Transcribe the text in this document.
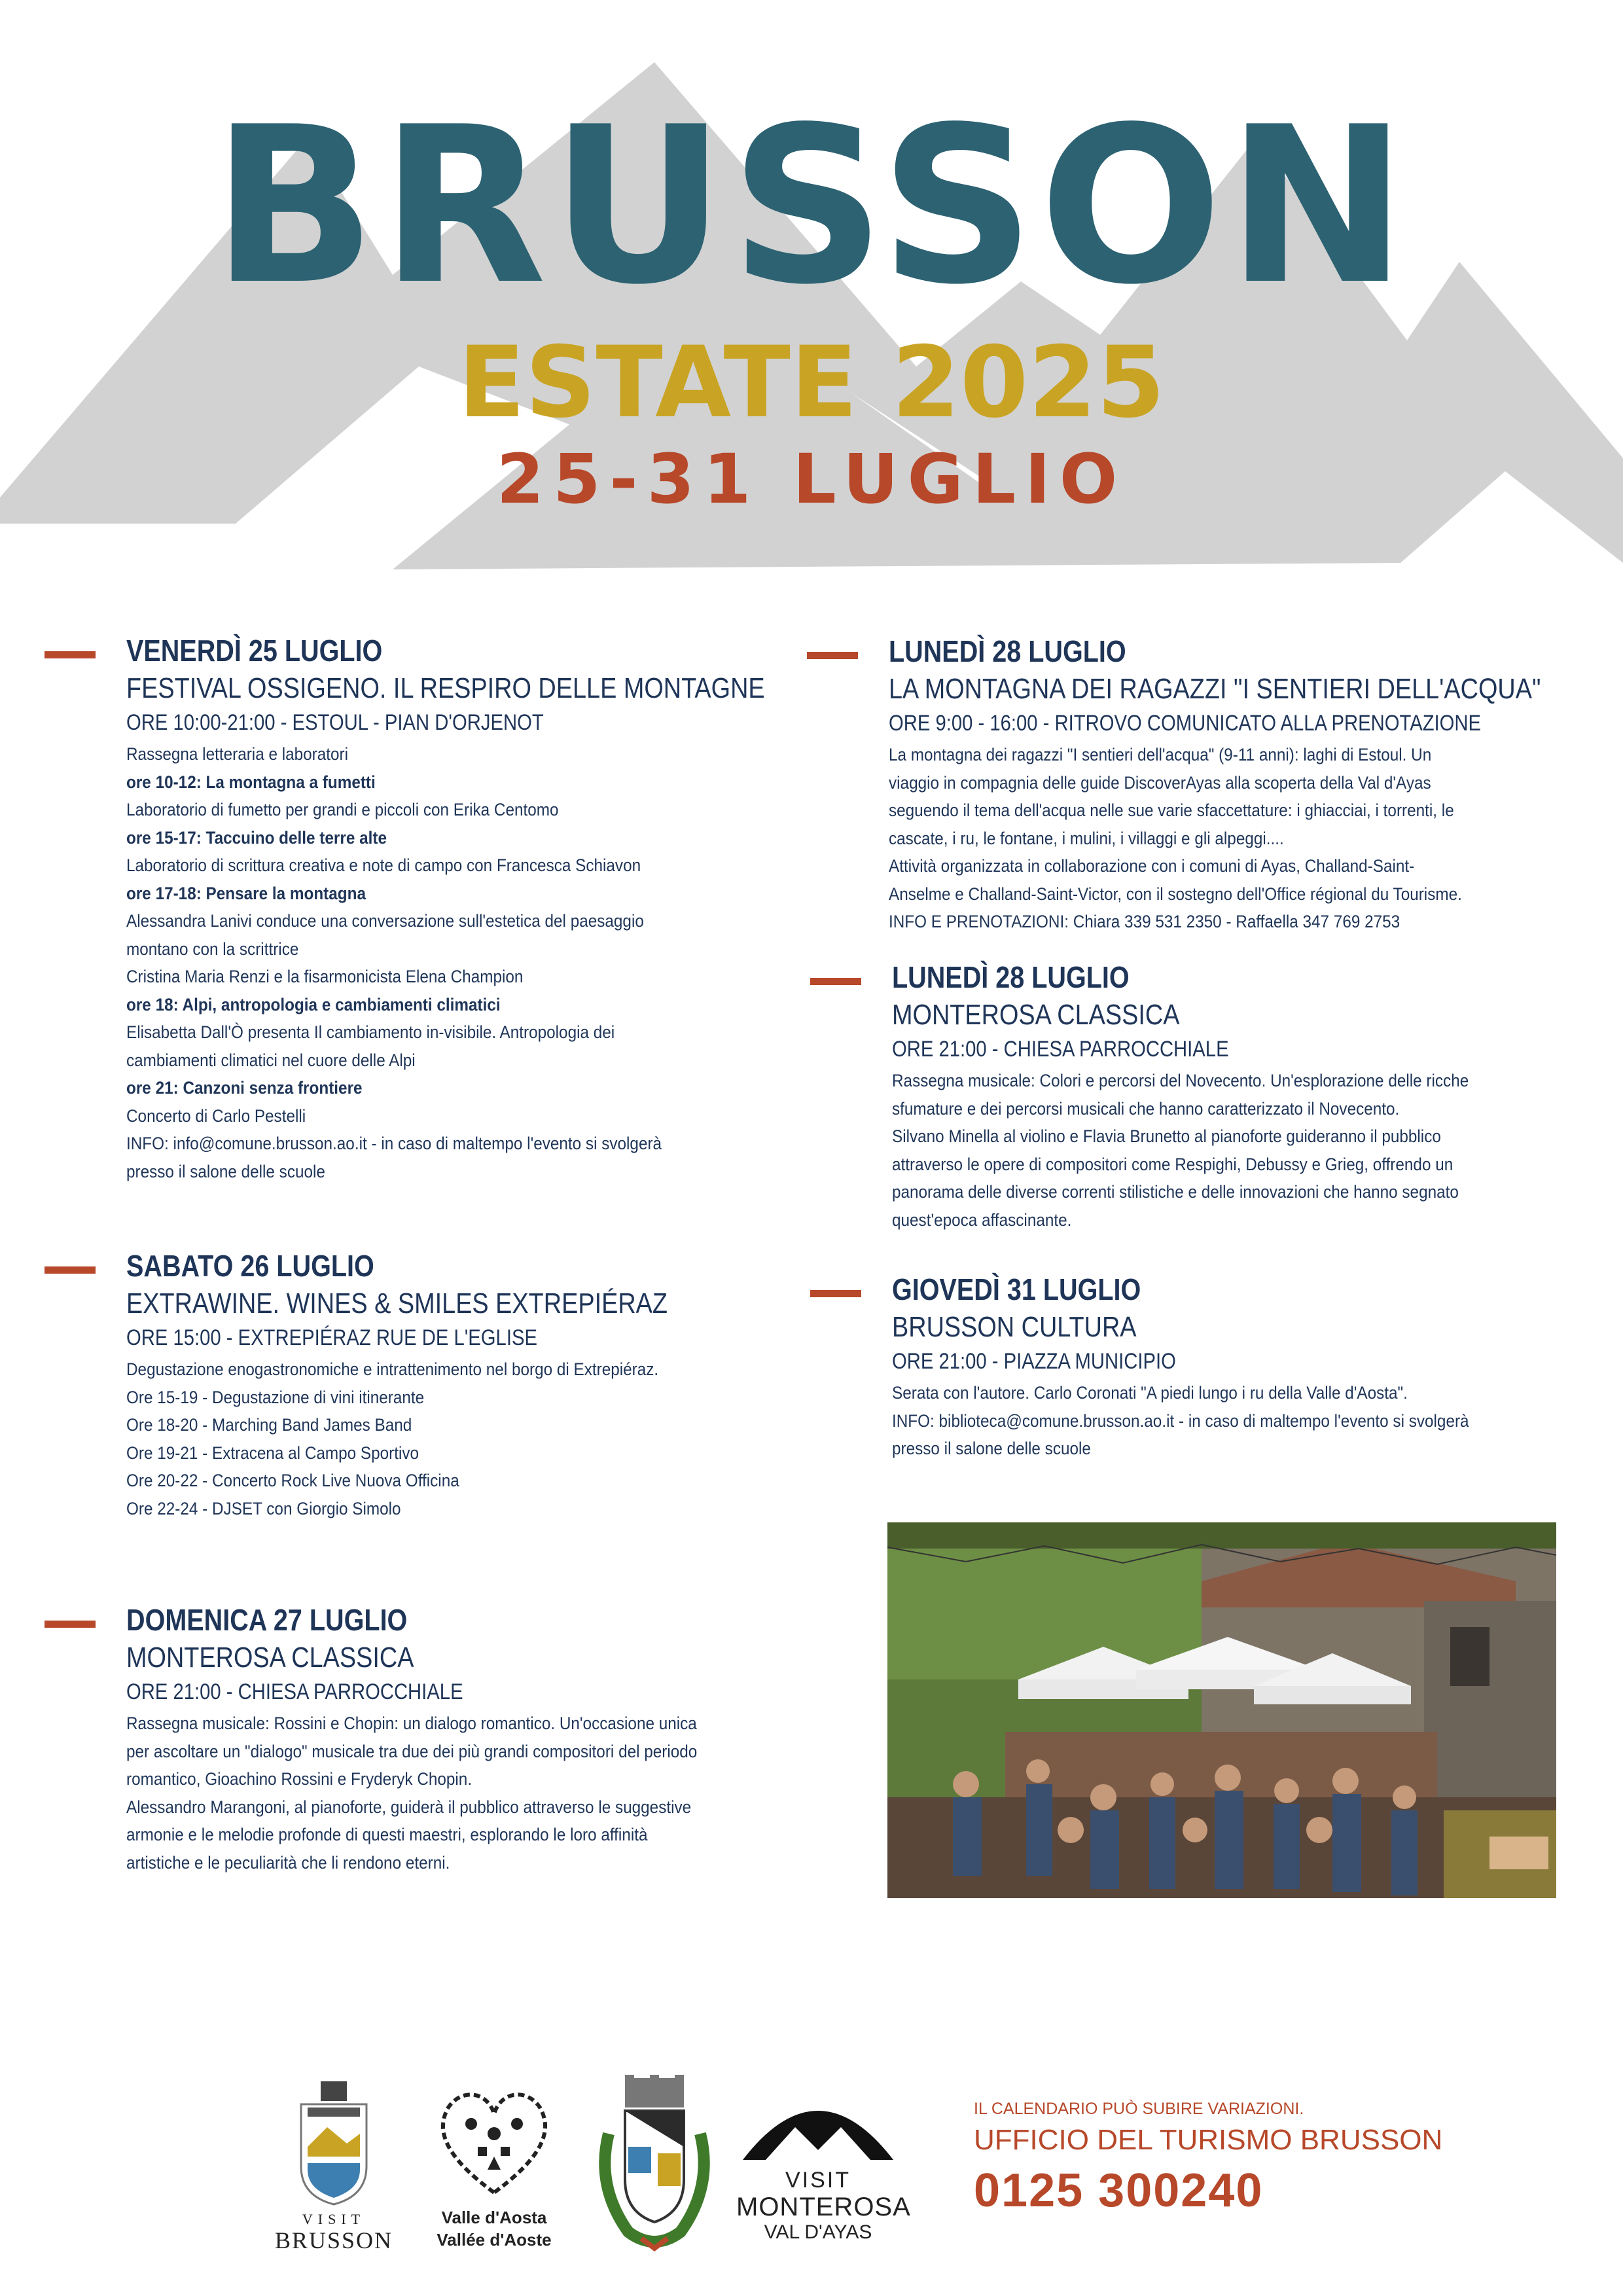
BRUSSON
ESTATE 2025
25-31 LUGLIO
VENERDÌ 25 LUGLIO
FESTIVAL OSSIGENO. IL RESPIRO DELLE MONTAGNE
ORE 10:00-21:00 - ESTOUL - PIAN D'ORJENOT
Rassegna letteraria e laboratori
ore 10-12: La montagna a fumetti
Laboratorio di fumetto per grandi e piccoli con Erika Centomo
ore 15-17: Taccuino delle terre alte
Laboratorio di scrittura creativa e note di campo con Francesca Schiavon
ore 17-18: Pensare la montagna
Alessandra Lanivi conduce una conversazione sull'estetica del paesaggio
montano con la scrittrice
Cristina Maria Renzi e la fisarmonicista Elena Champion
ore 18: Alpi, antropologia e cambiamenti climatici
Elisabetta Dall'Ò presenta Il cambiamento in-visibile. Antropologia dei
cambiamenti climatici nel cuore delle Alpi
ore 21: Canzoni senza frontiere
Concerto di Carlo Pestelli
INFO: info@comune.brusson.ao.it - in caso di maltempo l'evento si svolgerà
presso il salone delle scuole
SABATO 26 LUGLIO
EXTRAWINE. WINES & SMILES EXTREPIÉRAZ
ORE 15:00 - EXTREPIÉRAZ RUE DE L'EGLISE
Degustazione enogastronomiche e intrattenimento nel borgo di Extrepiéraz.
Ore 15-19 - Degustazione di vini itinerante
Ore 18-20 - Marching Band James Band
Ore 19-21 - Extracena al Campo Sportivo
Ore 20-22 - Concerto Rock Live Nuova Officina
Ore 22-24 - DJSET con Giorgio Simolo
DOMENICA 27 LUGLIO
MONTEROSA CLASSICA
ORE 21:00 - CHIESA PARROCCHIALE
Rassegna musicale: Rossini e Chopin: un dialogo romantico. Un'occasione unica
per ascoltare un "dialogo" musicale tra due dei più grandi compositori del periodo
romantico, Gioachino Rossini e Fryderyk Chopin.
Alessandro Marangoni, al pianoforte, guiderà il pubblico attraverso le suggestive
armonie e le melodie profonde di questi maestri, esplorando le loro affinità
artistiche e le peculiarità che li rendono eterni.
LUNEDÌ 28 LUGLIO
LA MONTAGNA DEI RAGAZZI "I SENTIERI DELL'ACQUA"
ORE 9:00 - 16:00 - RITROVO COMUNICATO ALLA PRENOTAZIONE
La montagna dei ragazzi "I sentieri dell'acqua" (9-11 anni): laghi di Estoul. Un
viaggio in compagnia delle guide DiscoverAyas alla scoperta della Val d'Ayas
seguendo il tema dell'acqua nelle sue varie sfaccettature: i ghiacciai, i torrenti, le
cascate, i ru, le fontane, i mulini, i villaggi e gli alpeggi....
Attività organizzata in collaborazione con i comuni di Ayas, Challand-Saint-
Anselme e Challand-Saint-Victor, con il sostegno dell'Office régional du Tourisme.
INFO E PRENOTAZIONI: Chiara 339 531 2350 - Raffaella 347 769 2753
LUNEDÌ 28 LUGLIO
MONTEROSA CLASSICA
ORE 21:00 - CHIESA PARROCCHIALE
Rassegna musicale: Colori e percorsi del Novecento. Un'esplorazione delle ricche
sfumature e dei percorsi musicali che hanno caratterizzato il Novecento.
Silvano Minella al violino e Flavia Brunetto al pianoforte guideranno il pubblico
attraverso le opere di compositori come Respighi, Debussy e Grieg, offrendo un
panorama delle diverse correnti stilistiche e delle innovazioni che hanno segnato
quest'epoca affascinante.
GIOVEDÌ 31 LUGLIO
BRUSSON CULTURA
ORE 21:00 - PIAZZA MUNICIPIO
Serata con l'autore. Carlo Coronati "A piedi lungo i ru della Valle d'Aosta".
INFO: biblioteca@comune.brusson.ao.it - in caso di maltempo l'evento si svolgerà
presso il salone delle scuole
VISIT
BRUSSON
Valle d'Aosta
Vallée d'Aoste
VISIT
MONTEROSA
VAL D'AYAS
IL CALENDARIO PUÒ SUBIRE VARIAZIONI.
UFFICIO DEL TURISMO BRUSSON
0125 300240
